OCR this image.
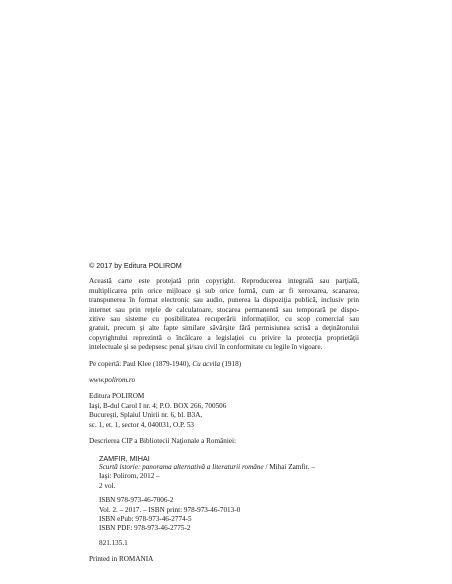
© 2017 by Editura POLIROM

Această carte este protejată prin copyright. Reproducerea integrală sau parţială,
multiplicarea prin orice mijloace şi sub orice formă, cum ar fi xeroxarea, scanarea,
transpunerea în format electronic sau audio, punerea la dispoziţia publică, inclusiv prin
internet sau prin reţele de calculatoare, stocarea permanentă sau temporară pe dispo-
zitive sau sisteme cu posibilitatea recuperării informaţiilor, cu scop comercial sau
gratuit, precum şi alte fapte similare săvârşite fără permisiunea scrisă a deţinătorului
copyrightului reprezintă o încălcare a legislaţiei cu privire la protecţia proprietăţii
intelectuale şi se pedepsesc penal şi/sau civil în conformitate cu legile în vigoare.

Pe copertă: Paul Klee (1879-1940), Cu acvila (1918)

www.polirom.ro

Editura POLIROM
Iaşi, B-dul Carol I nr. 4; P.O. BOX 266, 700506
Bucureşti, Splaiul Unirii nr. 6, bl. B3A,
sc. 1, et. 1, sector 4, 040031, O.P. 53

Descrierea CIP a Bibliotecii Naţionale a României:

ZAMFIR, MIHAI
Scurtă istorie: panorama alternativă a literaturii române / Mihai Zamfir. –
Iaşi: Polirom, 2012 –
2 vol.
ISBN 978-973-46-7006-2
Vol. 2. – 2017. – ISBN print: 978-973-46-7013-0
ISBN ePub: 978-973-46-2774-5
ISBN PDF: 978-973-46-2775-2
821.135.1

Printed in ROMANIA
